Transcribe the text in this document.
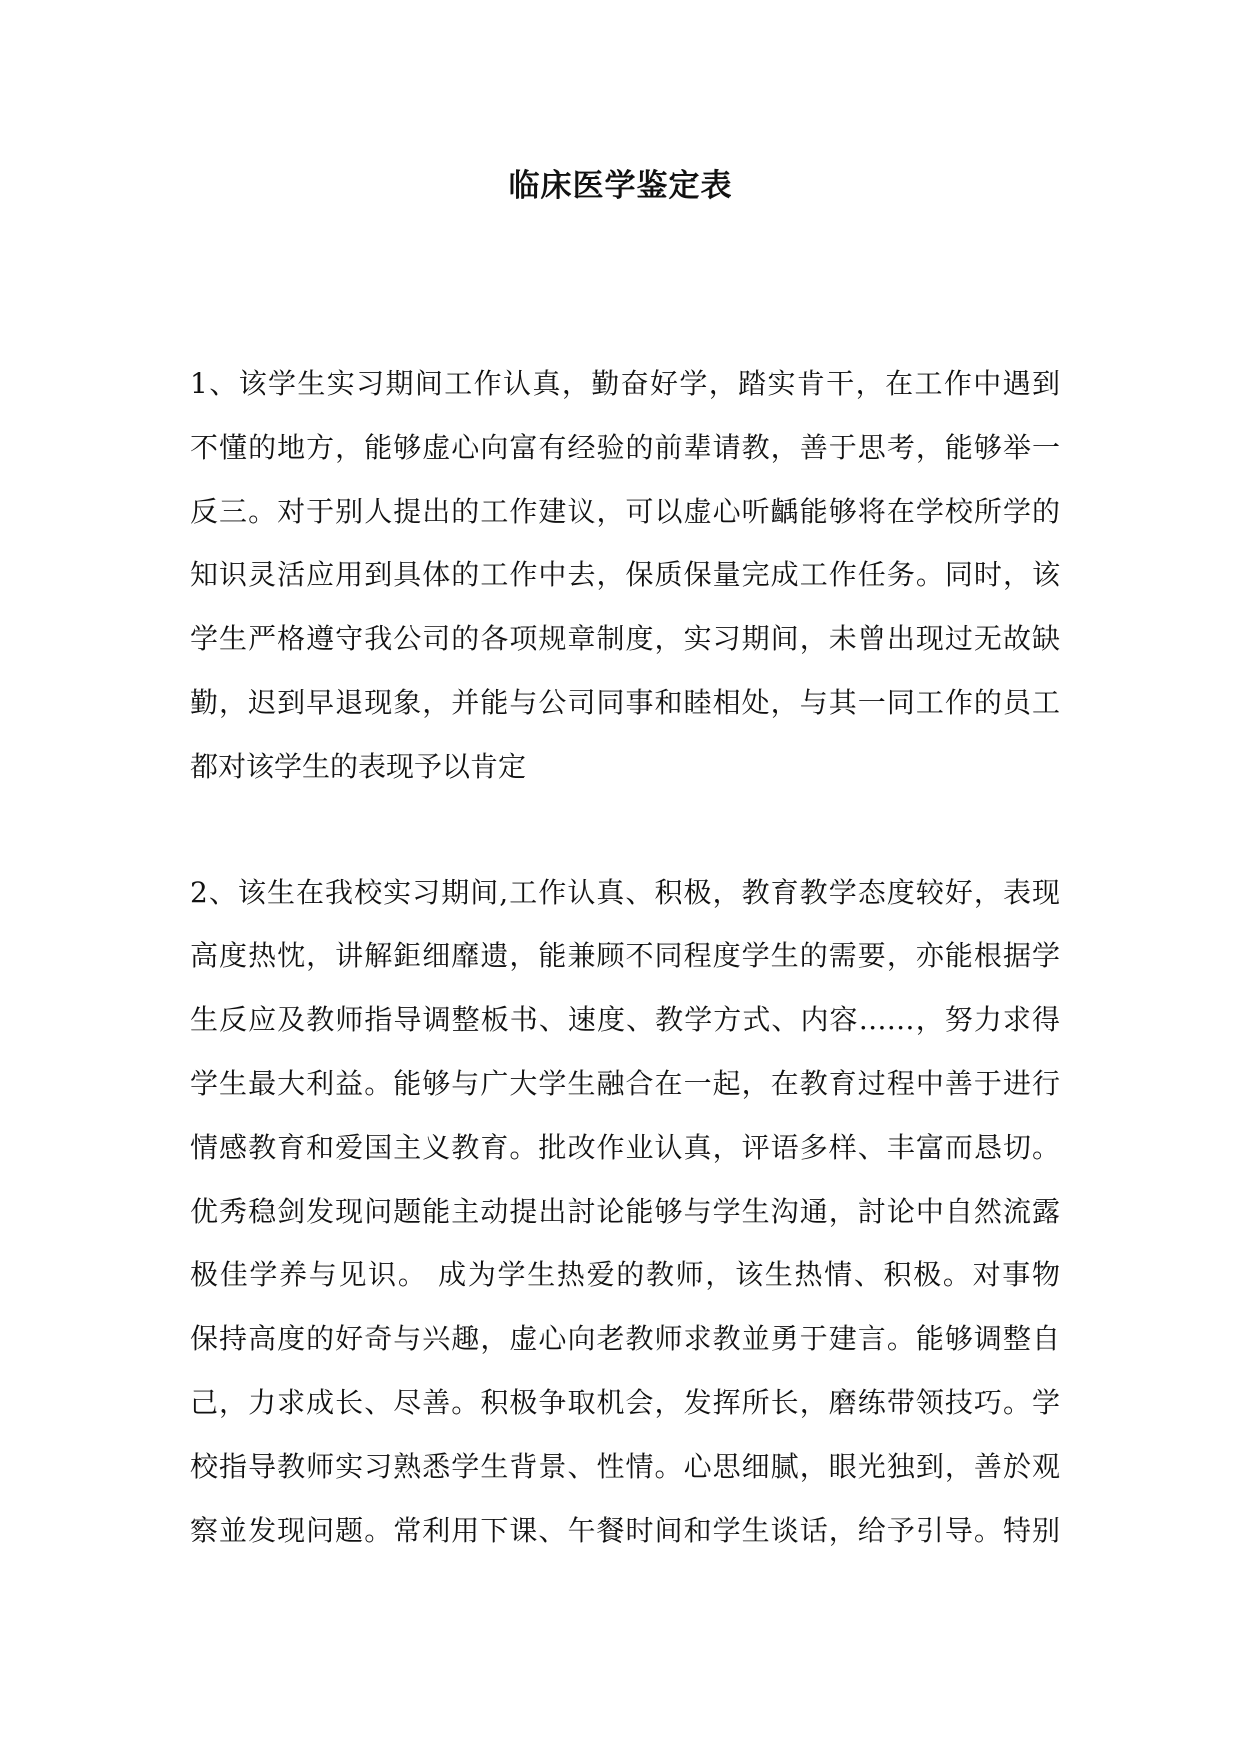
临床医学鉴定表
1、该学生实习期间工作认真，勤奋好学，踏实肯干，在工作中遇到
不懂的地方，能够虚心向富有经验的前辈请教，善于思考，能够举一
反三。对于别人提出的工作建议，可以虚心听齲能够将在学校所学的
知识灵活应用到具体的工作中去，保质保量完成工作任务。同时，该
学生严格遵守我公司的各项规章制度，实习期间，未曾出现过无故缺
勤，迟到早退现象，并能与公司同事和睦相处，与其一同工作的员工
都对该学生的表现予以肯定
2、该生在我校实习期间,工作认真、积极，教育教学态度较好，表现
高度热忱，讲解鉅细靡遗，能兼顾不同程度学生的需要，亦能根据学
生反应及教师指导调整板书、速度、教学方式、内容……，努力求得
学生最大利益。能够与广大学生融合在一起，在教育过程中善于进行
情感教育和爱国主义教育。批改作业认真，评语多样、丰富而恳切。
优秀稳剑发现问题能主动提出討论能够与学生沟通，討论中自然流露
极佳学养与见识。 成为学生热爱的教师，该生热情、积极。对事物
保持高度的好奇与兴趣，虚心向老教师求教並勇于建言。能够调整自
己，力求成长、尽善。积极争取机会，发挥所长，磨练带领技巧。学
校指导教师实习熟悉学生背景、性情。心思细腻，眼光独到，善於观
察並发现问题。常利用下课、午餐时间和学生谈话，给予引导。特别
